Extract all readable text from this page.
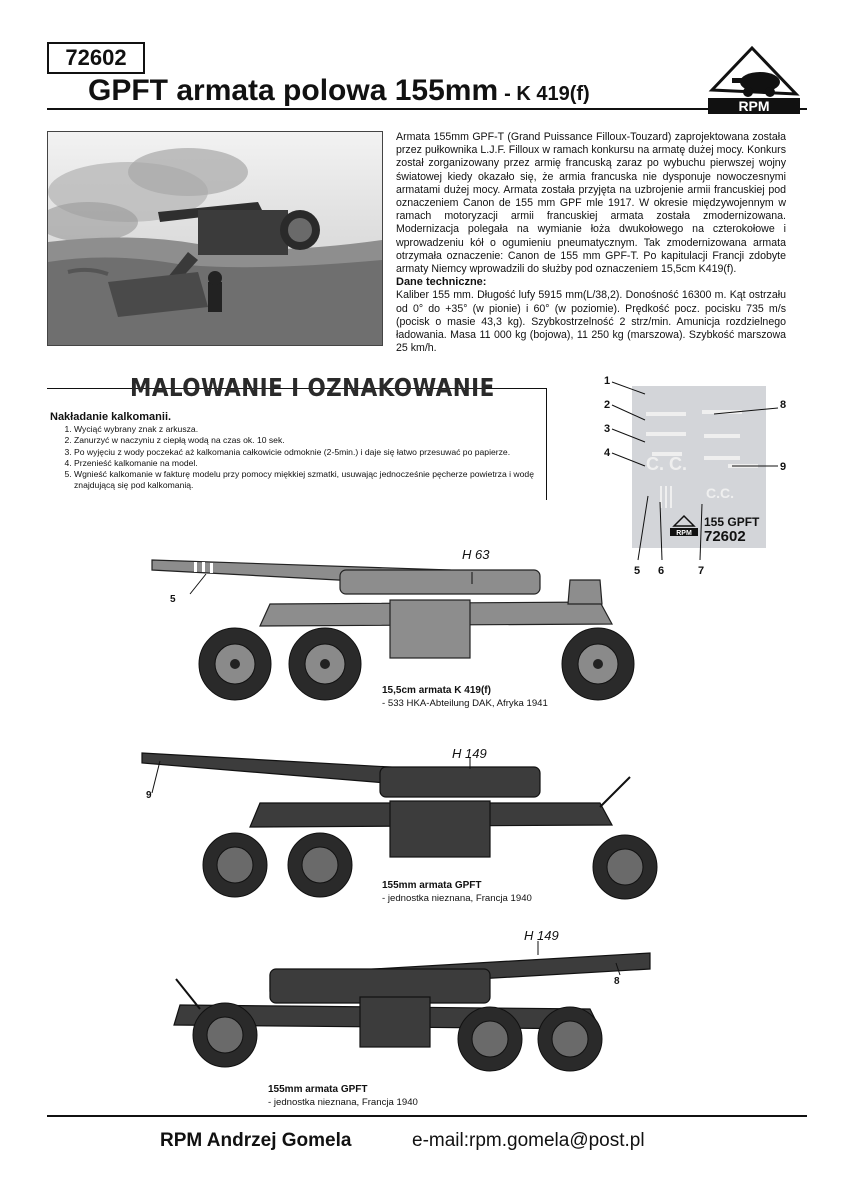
72602
GPFT armata polowa 155mm - K 419(f)
RPM

Armata 155mm GPF-T (Grand Puissance Filloux-Touzard) zaprojektowana została przez pułkownika L.J.F. Filloux w ramach konkursu na armatę dużej mocy. Konkurs został zorganizowany przez armię francuską zaraz po wybuchu pierwszej wojny światowej kiedy okazało się, że armia francuska nie dysponuje nowoczesnymi armatami dużej mocy. Armata została przyjęta na uzbrojenie armii francuskiej pod oznaczeniem Canon de 155 mm GPF mle 1917. W okresie międzywojennym w ramach motoryzacji armii francuskiej armata została zmodernizowana. Modernizacja polegała na wymianie łoża dwukołowego na czterokołowe i wprowadzeniu kół o ogumieniu pneumatycznym. Tak zmodernizowana armata otrzymała oznaczenie: Canon de 155 mm GPF-T. Po kapitulacji Francji zdobyte armaty Niemcy wprowadzili do służby pod oznaczeniem 15,5cm K419(f).

Dane techniczne:

Kaliber 155 mm. Długość lufy 5915 mm(L/38,2). Donośność 16300 m. Kąt ostrzału od 0° do +35° (w pionie) i 60° (w poziomie). Prędkość pocz. pocisku 735 m/s (pocisk o masie 43,3 kg). Szybkostrzelność 2 strz/min. Amunicja rozdzielnego ładowania. Masa 11 000 kg (bojowa), 11 250 kg (marszowa). Szybkość marszowa 25 km/h.

MALOWANIE I OZNAKOWANIE
Nakładanie kalkomanii.
1. Wyciąć wybrany znak z arkusza.
2. Zanurzyć w naczyniu z ciepłą wodą na czas ok. 10 sek.
3. Po wyjęciu z wody poczekać aż kalkomania całkowicie odmoknie (2-5min.) i daje się łatwo przesuwać po papierze.
4. Przenieść kalkomanie na model.
5. Wgnieść kalkomanie w fakturę modelu przy pomocy miękkiej szmatki, usuwając jednocześnie pęcherze powietrza i wodę znajdującą się pod kalkomanią.
C. C.
C.C.
RPM
155 GPFT
72602
1
2
3
4
5 6	7
8
9
H 63
5
15,5cm armata K 419(f)
- 533 HKA-Abteilung DAK, Afryka 1941
H 149
9
155mm armata GPFT
- jednostka nieznana, Francja 1940
H 149
8
155mm armata GPFT
- jednostka nieznana, Francja 1940
RPM Andrzej Gomela	e-mail:rpm.gomela@post.pl
